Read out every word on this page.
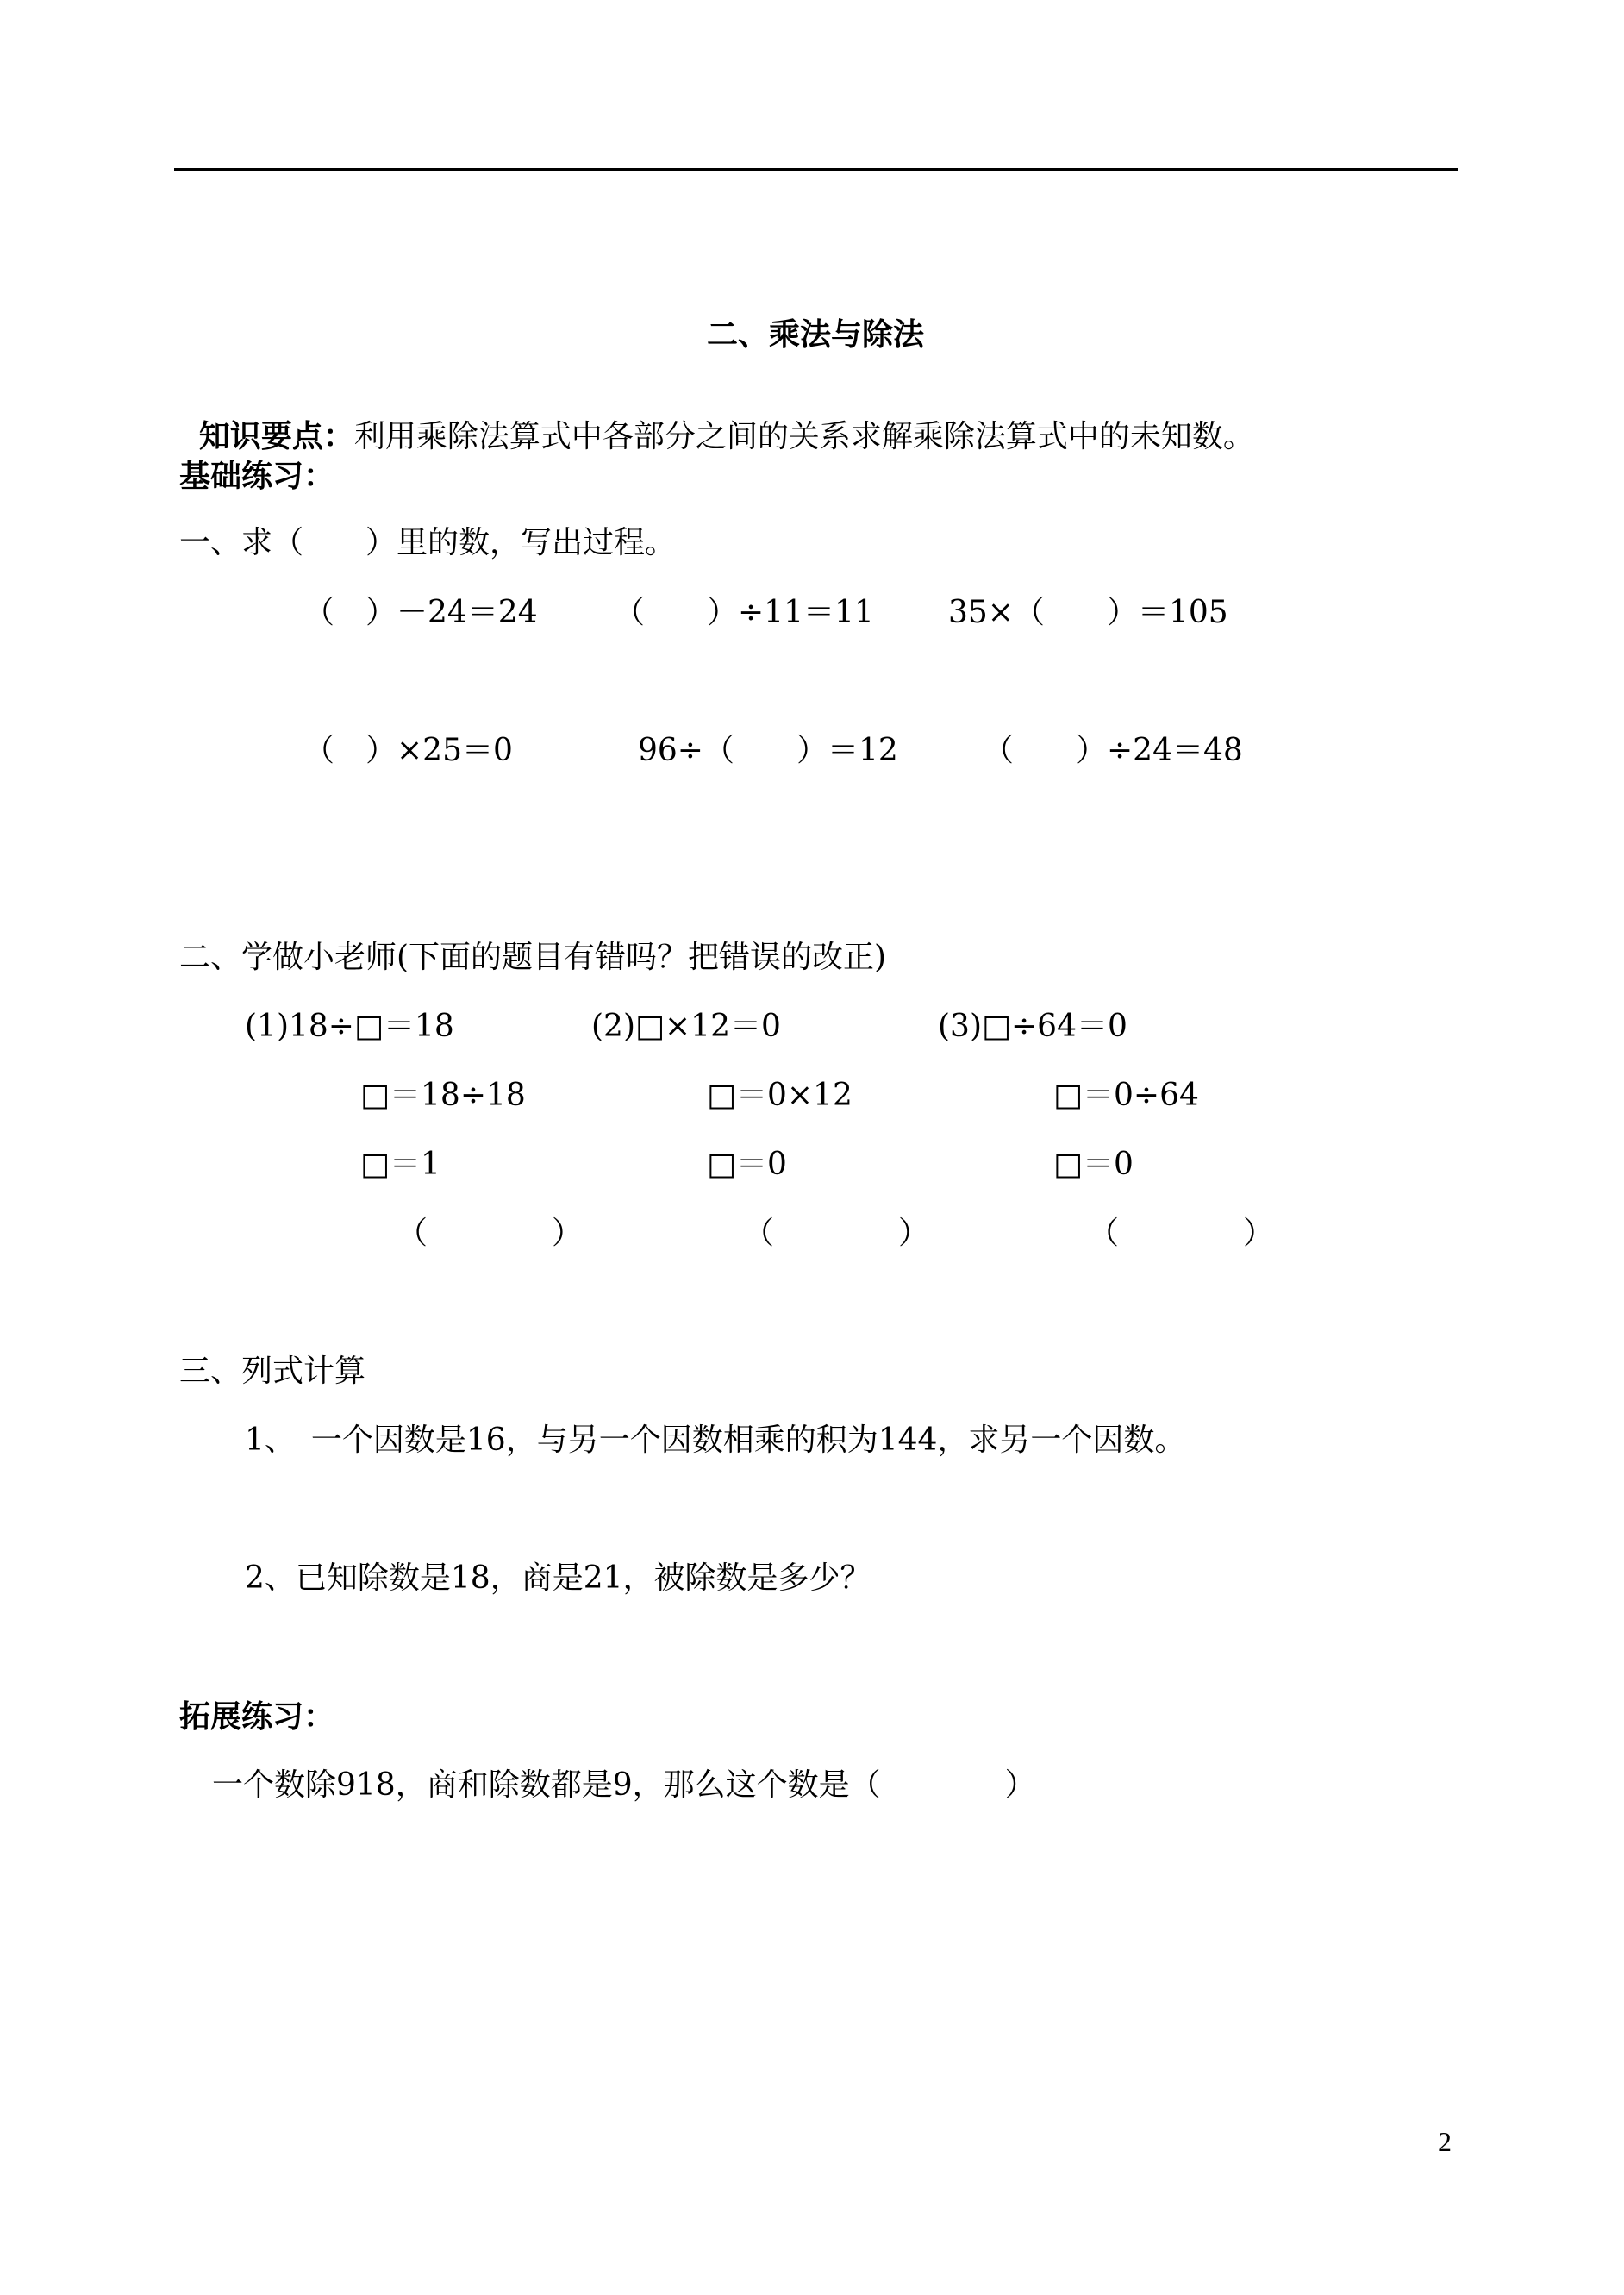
二、乘法与除法

知识要点：利用乘除法算式中各部分之间的关系求解乘除法算式中的未知数。

基础练习：
一、求（　　）里的数，写出过程。
（　）－24＝24 （　　）÷11＝11 35×（　　）＝105
（　）×25＝0	96÷（　　）＝12	（　　）÷24＝48
二、学做小老师(下面的题目有错吗？把错误的改正)
(1)18÷□＝18	(2)□×12＝0	(3)□÷64＝0
□＝18÷18	□＝0×12	□＝0÷64
□＝1	□＝0	□＝0
（　　　　）	（　　　　）	（　　　　）
三、列式计算
1、　一个因数是16，与另一个因数相乘的积为144，求另一个因数。
2、已知除数是18，商是21，被除数是多少？
拓展练习：
一个数除918，商和除数都是9，那么这个数是（　　　　）
2
